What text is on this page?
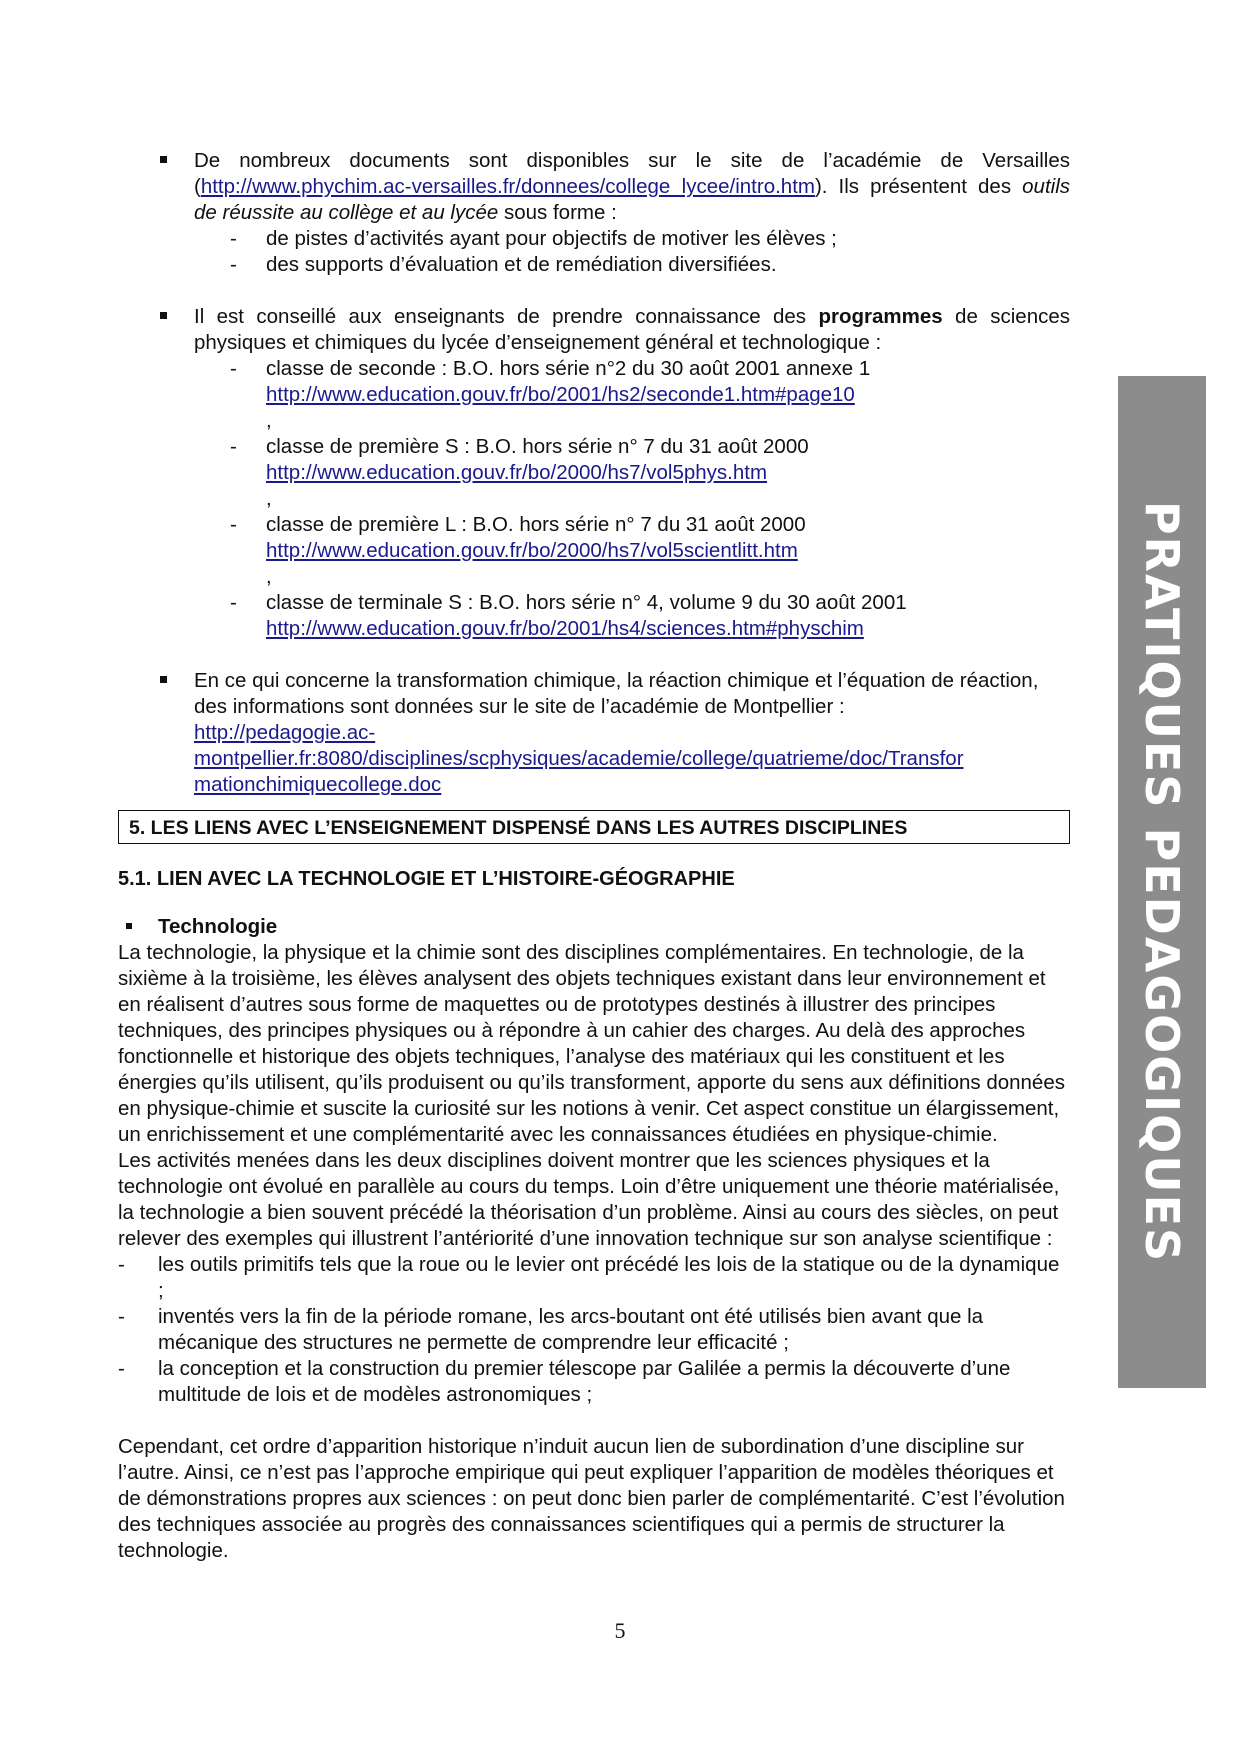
De nombreux documents sont disponibles sur le site de l’académie de Versailles (http://www.phychim.ac-versailles.fr/donnees/college_lycee/intro.htm). Ils présentent des outils de réussite au collège et au lycée sous forme :
- de pistes d’activités ayant pour objectifs de motiver les élèves ;
- des supports d’évaluation et de remédiation diversifiées.
Il est conseillé aux enseignants de prendre connaissance des programmes de sciences physiques et chimiques du lycée d’enseignement général et technologique :
- classe de seconde : B.O. hors série n°2 du 30 août 2001 annexe 1
http://www.education.gouv.fr/bo/2001/hs2/seconde1.htm#page10
,
- classe de première S : B.O. hors série n° 7 du 31 août 2000
http://www.education.gouv.fr/bo/2000/hs7/vol5phys.htm
,
- classe de première L : B.O. hors série n° 7 du 31 août 2000
http://www.education.gouv.fr/bo/2000/hs7/vol5scientlitt.htm
,
- classe de terminale S : B.O. hors série n° 4, volume 9 du 30 août 2001
http://www.education.gouv.fr/bo/2001/hs4/sciences.htm#physchim
En ce qui concerne la transformation chimique, la réaction chimique et l’équation de réaction, des informations sont données sur le site de l’académie de Montpellier :
http://pedagogie.ac-
montpellier.fr:8080/disciplines/scphysiques/academie/college/quatrieme/doc/Transfor
mationchimiquecollege.doc
5. LES LIENS AVEC L’ENSEIGNEMENT DISPENSÉ DANS LES AUTRES DISCIPLINES
5.1. LIEN AVEC LA TECHNOLOGIE ET L’HISTOIRE-GÉOGRAPHIE
Technologie
La technologie, la physique et la chimie sont des disciplines complémentaires. En technologie, de la sixième à la troisième, les élèves analysent des objets techniques existant dans leur environnement et en réalisent d’autres sous forme de maquettes ou de prototypes destinés à illustrer des principes techniques, des principes physiques ou à répondre à un cahier des charges. Au delà des approches fonctionnelle et historique des objets techniques, l’analyse des matériaux qui les constituent et les énergies qu’ils utilisent, qu’ils produisent ou qu’ils transforment, apporte du sens aux définitions données en physique-chimie et suscite la curiosité sur les notions à venir. Cet aspect constitue un élargissement, un enrichissement et une complémentarité avec les connaissances étudiées en physique-chimie.
Les activités menées dans les deux disciplines doivent montrer que les sciences physiques et la technologie ont évolué en parallèle au cours du temps. Loin d’être uniquement une théorie matérialisée, la technologie a bien souvent précédé la théorisation d’un problème. Ainsi au cours des siècles, on peut relever des exemples qui illustrent l’antériorité d’une innovation technique sur son analyse scientifique :
- les outils primitifs tels que la roue ou le levier ont précédé les lois de la statique ou de la dynamique ;
- inventés vers la fin de la période romane, les arcs-boutant ont été utilisés bien avant que la mécanique des structures ne permette de comprendre leur efficacité ;
- la conception et la construction du premier télescope par Galilée a permis la découverte d’une multitude de lois et de modèles astronomiques ;
Cependant, cet ordre d’apparition historique n’induit aucun lien de subordination d’une discipline sur l’autre. Ainsi, ce n’est pas l’approche empirique qui peut expliquer l’apparition de modèles théoriques et de démonstrations propres aux sciences : on peut donc bien parler de complémentarité. C’est l’évolution des techniques associée au progrès des connaissances scientifiques qui a permis de structurer la technologie.
PRATIQUES PEDAGOGIQUES
5
